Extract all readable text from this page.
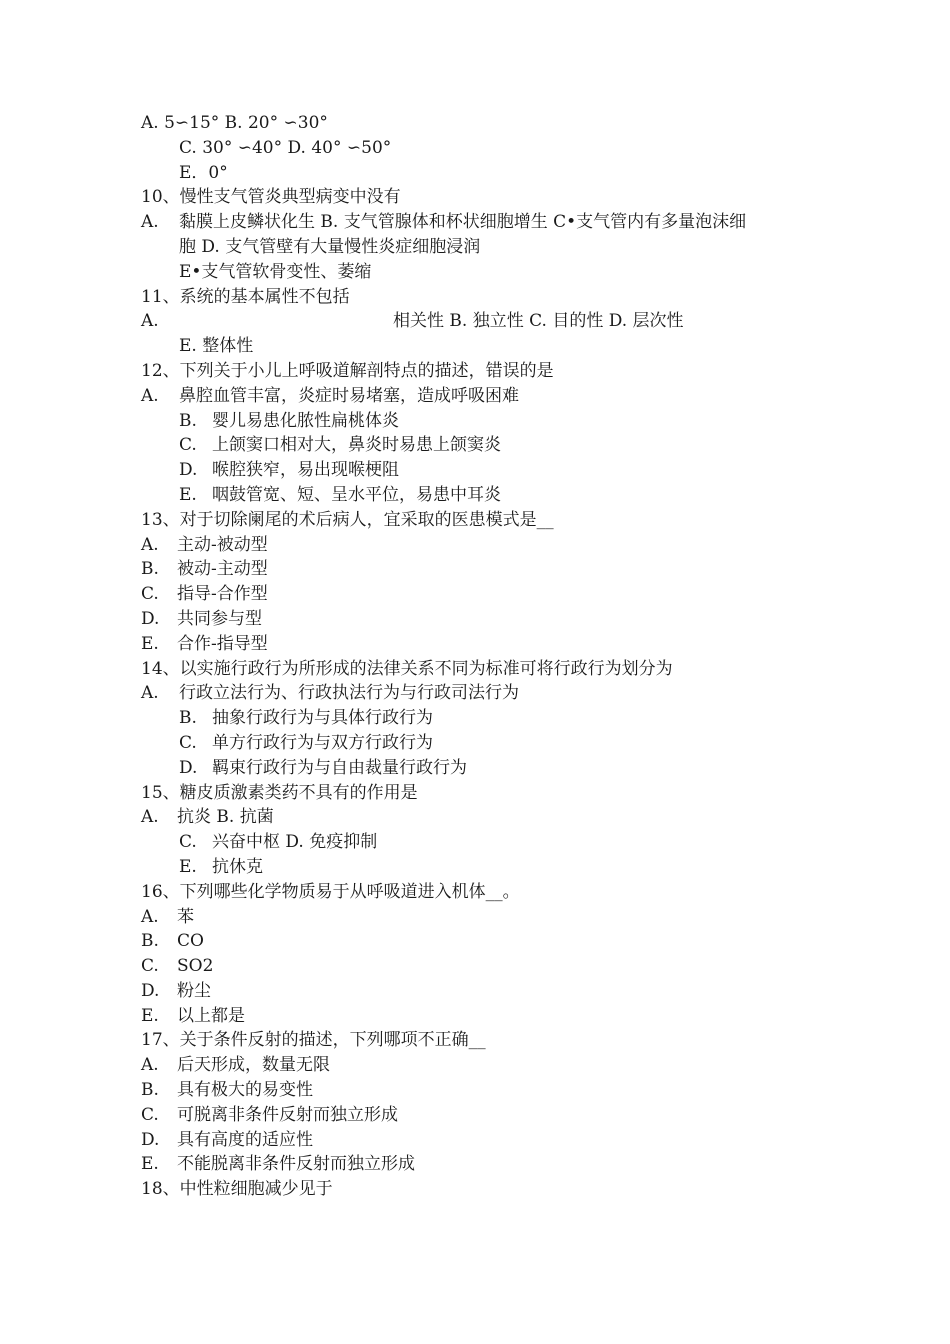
A. 5∽15° B. 20° ∽30°
C. 30° ∽40° D. 40° ∽50°
E．0°
10、慢性支气管炎典型病变中没有
A. 黏膜上皮鳞状化生 B. 支气管腺体和杯状细胞增生 C•支气管内有多量泡沫细
胞 D. 支气管壁有大量慢性炎症细胞浸润
E•支气管软骨变性、萎缩
11、系统的基本属性不包括
A.	相关性 B. 独立性 C. 目的性 D. 层次性
E. 整体性
12、下列关于小儿上呼吸道解剖特点的描述，错误的是
A. 鼻腔血管丰富，炎症时易堵塞，造成呼吸困难
B. 婴儿易患化脓性扁桃体炎
C. 上颌窦口相对大，鼻炎时易患上颌窦炎
D. 喉腔狭窄，易出现喉梗阻
E. 咽鼓管宽、短、呈水平位，易患中耳炎
13、对于切除阑尾的术后病人，宜采取的医患模式是__
A. 主动-被动型
B. 被动-主动型
C. 指导-合作型
D. 共同参与型
E. 合作-指导型
14、以实施行政行为所形成的法律关系不同为标准可将行政行为划分为
A. 行政立法行为、行政执法行为与行政司法行为
B. 抽象行政行为与具体行政行为
C. 单方行政行为与双方行政行为
D. 羁束行政行为与自由裁量行政行为
15、糖皮质激素类药不具有的作用是
A. 抗炎 B. 抗菌
C. 兴奋中枢 D. 免疫抑制
E. 抗休克
16、下列哪些化学物质易于从呼吸道进入机体__。
A. 苯
B. CO
C. SO2
D. 粉尘
E. 以上都是
17、关于条件反射的描述，下列哪项不正确__
A. 后天形成，数量无限
B. 具有极大的易变性
C. 可脱离非条件反射而独立形成
D. 具有高度的适应性
E. 不能脱离非条件反射而独立形成
18、中性粒细胞减少见于
